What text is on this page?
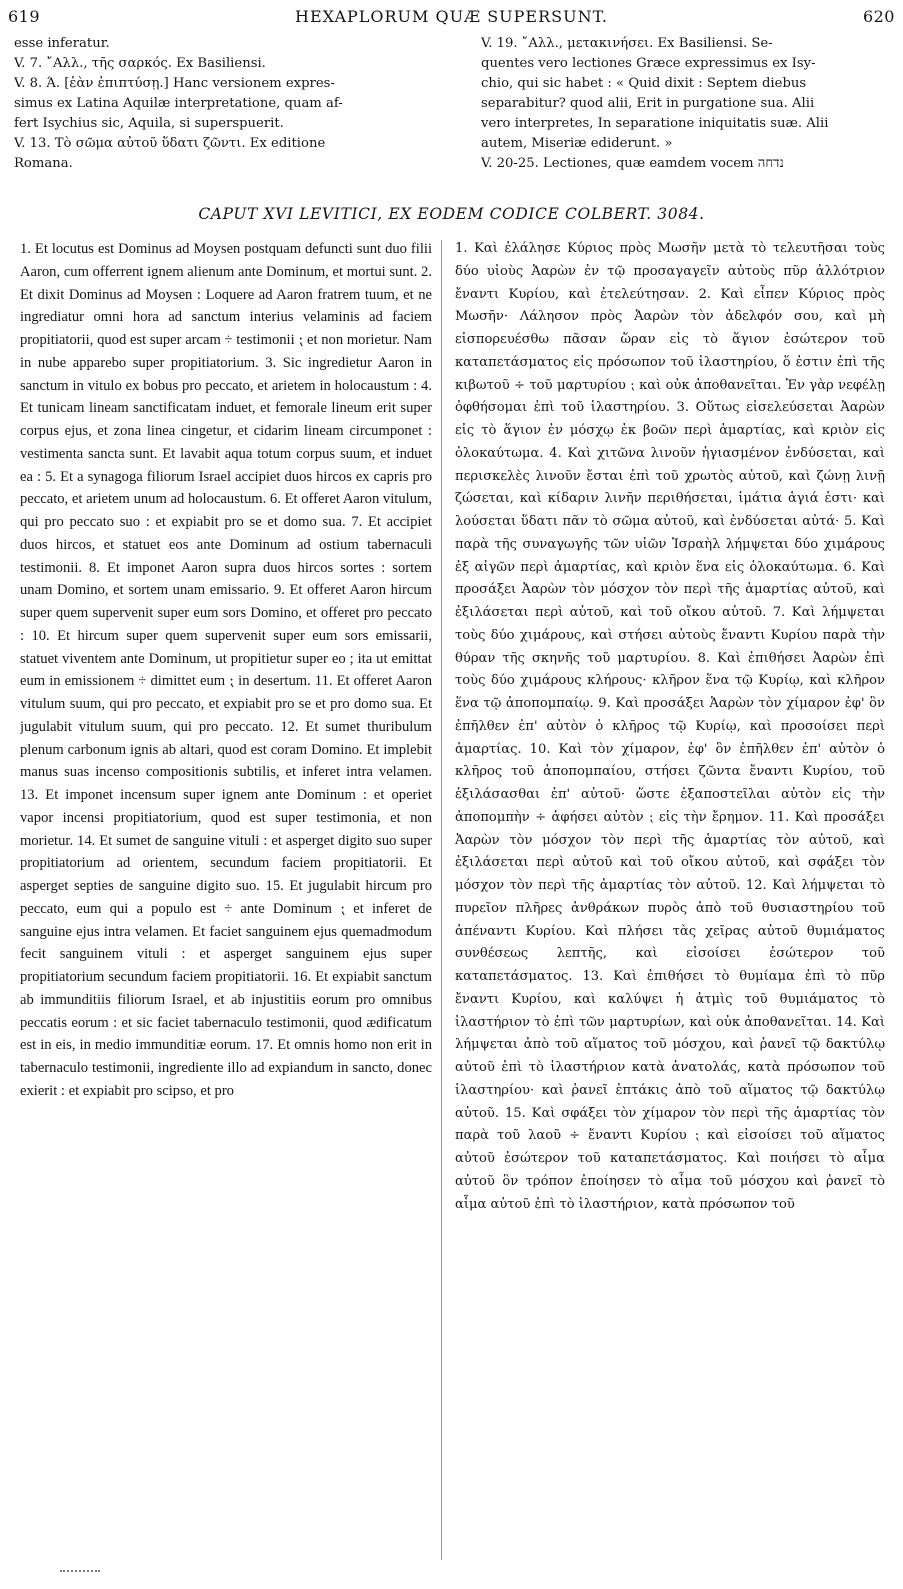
619	HEXAPLORUM QUÆ SUPERSUNT.	620
esse inferatur.
V. 7. ῎Αλλ., τῆς σαρκός. Ex Basiliensi.
V. 8. Ά. [ἐὰν ἐπιπτύσῃ.] Hanc versionem expres-
simus ex Latina Aquilæ interpretatione, quam af-
fert Isychius sic, Aquila, si superspuerit.
V. 13. Τὸ σῶμα αὐτοῦ ὕδατι ζῶντι. Ex editione
Romana.
V. 19. ῎Αλλ., μετακινήσει. Ex Basiliensi. Se-
quentes vero lectiones Græce expressimus ex Isy-
chio, qui sic habet : « Quid dixit : Septem diebus
separabitur? quod alii, Erit in purgatione sua. Alii
vero interpretes, In separatione iniquitatis suæ. Alii
autem, Miseriæ ediderunt. »
V. 20-25. Lectiones, quæ eamdem vocem נדחה
CAPUT XVI LEVITICI, EX EODEM CODICE COLBERT. 3084.
1. Et locutus est Dominus ad Moysen postquam defuncti sunt duo filii Aaron, cum offerrent ignem alienum ante Dominum, et mortui sunt. 2. Et dixit Dominus ad Moysen : Loquere ad Aaron fratrem tuum, et ne ingrediatur omni hora ad sanctum interius velaminis ad faciem propitiatorii, quod est super arcam ÷ testimonii ⁏ et non morietur. Nam in nube apparebo super propitiatorium. 3. Sic ingredietur Aaron in sanctum in vitulo ex bobus pro peccato, et arietem in holocaustum : 4. Et tunicam lineam sanctificatam induet, et femorale lineum erit super corpus ejus, et zona linea cingetur, et cidarim lineam circumponet : vestimenta sancta sunt. Et lavabit aqua totum corpus suum, et induet ea : 5. Et a synagoga filiorum Israel accipiet duos hircos ex capris pro peccato, et arietem unum ad holocaustum. 6. Et offeret Aaron vitulum, qui pro peccato suo : et expiabit pro se et domo sua. 7. Et accipiet duos hircos, et statuet eos ante Dominum ad ostium tabernaculi testimonii. 8. Et imponet Aaron supra duos hircos sortes : sortem unam Domino, et sortem unam emissario. 9. Et offeret Aaron hircum super quem supervenit super eum sors Domino, et offeret pro peccato : 10. Et hircum super quem supervenit super eum sors emissarii, statuet viventem ante Dominum, ut propitietur super eo ; ita ut emittat eum in emissionem ÷ dimittet eum ⁏ in desertum. 11. Et offeret Aaron vitulum suum, qui pro peccato, et expiabit pro se et pro domo sua. Et jugulabit vitulum suum, qui pro peccato. 12. Et sumet thuribulum plenum carbonum ignis ab altari, quod est coram Domino. Et implebit manus suas incenso compositionis subtilis, et inferet intra velamen. 13. Et imponet incensum super ignem ante Dominum : et operiet vapor incensi propitiatorium, quod est super testimonia, et non morietur. 14. Et sumet de sanguine vituli : et asperget digito suo super propitiatorium ad orientem, secundum faciem propitiatorii. Et asperget septies de sanguine digito suo. 15. Et jugulabit hircum pro peccato, eum qui a populo est ÷ ante Dominum ⁏ et inferet de sanguine ejus intra velamen. Et faciet sanguinem ejus quemadmodum fecit sanguinem vituli : et asperget sanguinem ejus super propitiatorium secundum faciem propitiatorii. 16. Et expiabit sanctum ab immunditiis filiorum Israel, et ab injustitiis eorum pro omnibus peccatis eorum : et sic faciet tabernaculo testimonii, quod ædificatum est in eis, in medio immunditiæ eorum. 17. Et omnis homo non erit in tabernaculo testimonii, ingrediente illo ad expiandum in sancto, donec exierit : et expiabit pro scipso, et pro
1. Καὶ ἐλάλησε Κύριος πρὸς Μωσῆν μετὰ τὸ τελευτῆσαι τοὺς δύο υἱοὺς Ἀαρὼν ἐν τῷ προσαγαγεῖν αὐτοὺς πῦρ ἀλλότριον ἔναντι Κυρίου, καὶ ἐτελεύτησαν. 2. Καὶ εἶπεν Κύριος πρὸς Μωσῆν· Λάλησον πρὸς Ἀαρὼν τὸν ἀδελφόν σου, καὶ μὴ εἰσπορευέσθω πᾶσαν ὥραν εἰς τὸ ἅγιον ἐσώτερον τοῦ καταπετάσματος εἰς πρόσωπον τοῦ ἱλαστηρίου, ὅ ἐστιν ἐπὶ τῆς κιβωτοῦ ÷ τοῦ μαρτυρίου ⁏ καὶ οὐκ ἀποθανεῖται. Ἐν γὰρ νεφέλῃ ὀφθήσομαι ἐπὶ τοῦ ἱλαστηρίου. 3. Οὕτως εἰσελεύσεται Ἀαρὼν εἰς τὸ ἅγιον ἐν μόσχῳ ἐκ βοῶν περὶ ἁμαρτίας, καὶ κριὸν εἰς ὁλοκαύτωμα. 4. Καὶ χιτῶνα λινοῦν ἡγιασμένον ἐνδύσεται, καὶ περισκελὲς λινοῦν ἔσται ἐπὶ τοῦ χρωτὸς αὐτοῦ, καὶ ζώνῃ λινῇ ζώσεται, καὶ κίδαριν λινῆν περιθήσεται, ἱμάτια ἁγιά ἐστι· καὶ λούσεται ὕδατι πᾶν τὸ σῶμα αὐτοῦ, καὶ ἐνδύσεται αὐτά· 5. Καὶ παρὰ τῆς συναγωγῆς τῶν υἱῶν Ἰσραὴλ λήμψεται δύο χιμάρους ἐξ αἰγῶν περὶ ἁμαρτίας, καὶ κριὸν ἕνα εἰς ὁλοκαύτωμα. 6. Καὶ προσάξει Ἀαρὼν τὸν μόσχον τὸν περὶ τῆς ἁμαρτίας αὐτοῦ, καὶ ἐξιλάσεται περὶ αὐτοῦ, καὶ τοῦ οἴκου αὐτοῦ. 7. Καὶ λήμψεται τοὺς δύο χιμάρους, καὶ στήσει αὐτοὺς ἔναντι Κυρίου παρὰ τὴν θύραν τῆς σκηνῆς τοῦ μαρτυρίου. 8. Καὶ ἐπιθήσει Ἀαρὼν ἐπὶ τοὺς δύο χιμάρους κλήρους· κλῆρον ἕνα τῷ Κυρίῳ, καὶ κλῆρον ἕνα τῷ ἀποπομπαίῳ. 9. Καὶ προσάξει Ἀαρὼν τὸν χίμαρον ἐφ' ὃν ἐπῆλθεν ἐπ' αὐτὸν ὁ κλῆρος τῷ Κυρίῳ, καὶ προσοίσει περὶ ἁμαρτίας. 10. Καὶ τὸν χίμαρον, ἐφ' ὃν ἐπῆλθεν ἐπ' αὐτὸν ὁ κλῆρος τοῦ ἀποπομπαίου, στήσει ζῶντα ἔναντι Κυρίου, τοῦ ἐξιλάσασθαι ἐπ' αὐτοῦ· ὥστε ἐξαποστεῖλαι αὐτὸν εἰς τὴν ἀποπομπὴν ÷ ἀφήσει αὐτὸν ⁏ εἰς τὴν ἔρημον. 11. Καὶ προσάξει Ἀαρὼν τὸν μόσχον τὸν περὶ τῆς ἁμαρτίας τὸν αὐτοῦ, καὶ ἐξιλάσεται περὶ αὐτοῦ καὶ τοῦ οἴκου αὐτοῦ, καὶ σφάξει τὸν μόσχον τὸν περὶ τῆς ἁμαρτίας τὸν αὐτοῦ. 12. Καὶ λήμψεται τὸ πυρεῖον πλῆρες ἀνθράκων πυρὸς ἀπὸ τοῦ θυσιαστηρίου τοῦ ἀπέναντι Κυρίου. Καὶ πλήσει τὰς χεῖρας αὐτοῦ θυμιάματος συνθέσεως λεπτῆς, καὶ εἰσοίσει ἐσώτερον τοῦ καταπετάσματος. 13. Καὶ ἐπιθήσει τὸ θυμίαμα ἐπὶ τὸ πῦρ ἔναντι Κυρίου, καὶ καλύψει ἡ ἀτμὶς τοῦ θυμιάματος τὸ ἱλαστήριον τὸ ἐπὶ τῶν μαρτυρίων, καὶ οὐκ ἀποθανεῖται. 14. Καὶ λήμψεται ἀπὸ τοῦ αἵματος τοῦ μόσχου, καὶ ῥανεῖ τῷ δακτύλῳ αὐτοῦ ἐπὶ τὸ ἱλαστήριον κατὰ ἀνατολάς, κατὰ πρόσωπον τοῦ ἱλαστηρίου· καὶ ῥανεῖ ἑπτάκις ἀπὸ τοῦ αἵματος τῷ δακτύλῳ αὐτοῦ. 15. Καὶ σφάξει τὸν χίμαρον τὸν περὶ τῆς ἁμαρτίας τὸν παρὰ τοῦ λαοῦ ÷ ἔναντι Κυρίου ⁏ καὶ εἰσοίσει τοῦ αἵματος αὐτοῦ ἐσώτερον τοῦ καταπετάσματος. Καὶ ποιήσει τὸ αἷμα αὐτοῦ ὃν τρόπον ἐποίησεν τὸ αἷμα τοῦ μόσχου καὶ ῥανεῖ τὸ αἷμα αὐτοῦ ἐπὶ τὸ ἱλαστήριον, κατὰ πρόσωπον τοῦ
